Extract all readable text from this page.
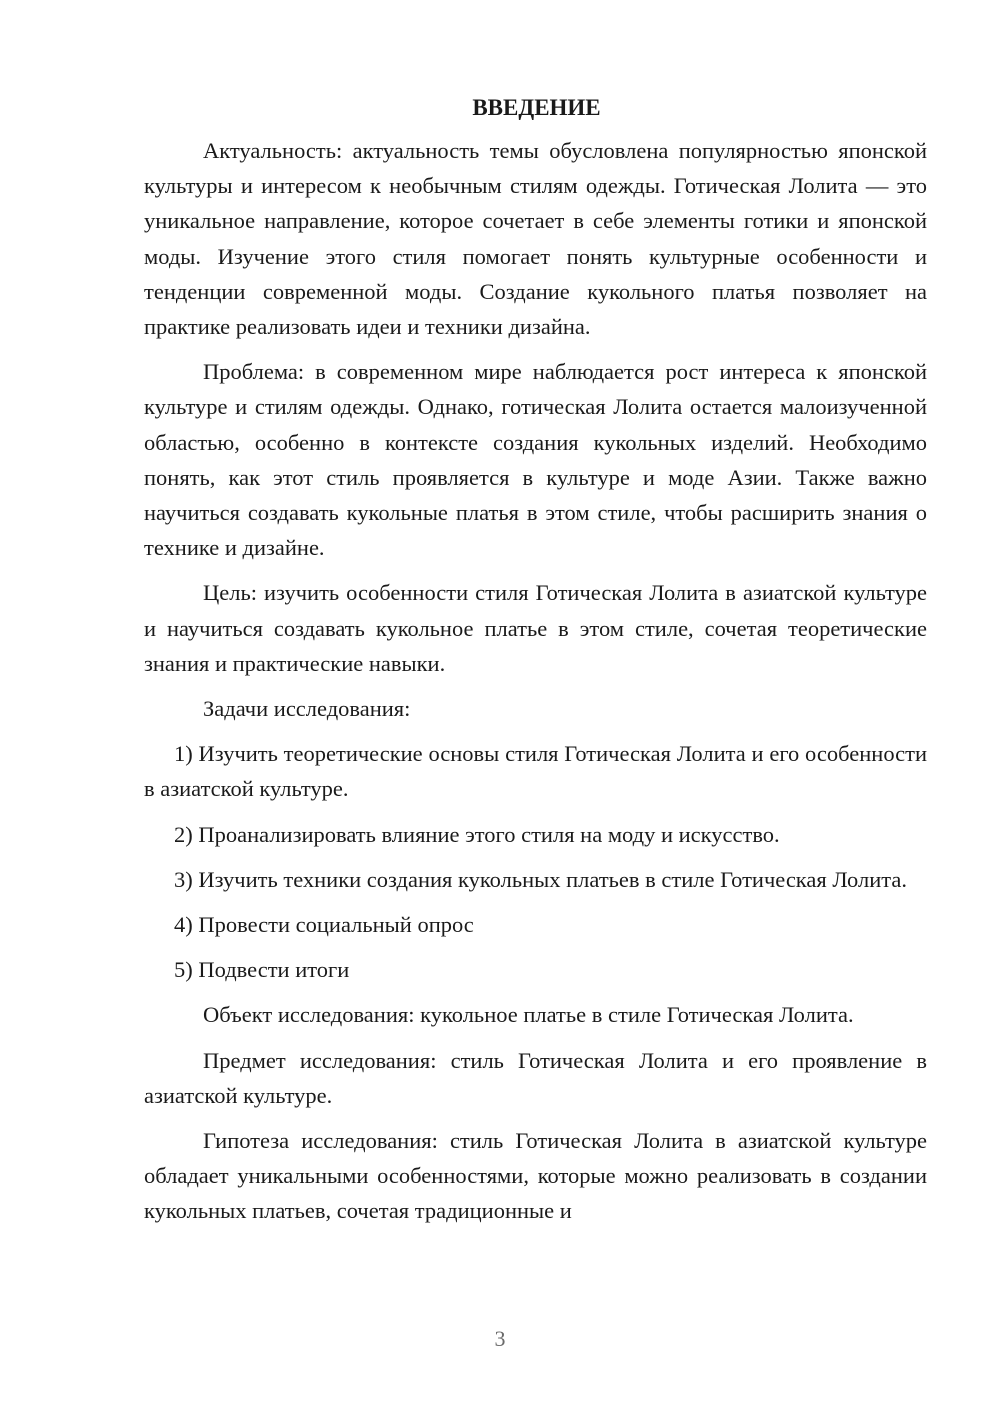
ВВЕДЕНИЕ

Актуальность: актуальность темы обусловлена популярностью японской культуры и интересом к необычным стилям одежды. Готическая Лолита — это уникальное направление, которое сочетает в себе элементы готики и японской моды. Изучение этого стиля помогает понять культурные особенности и тенденции современной моды. Создание кукольного платья позволяет на практике реализовать идеи и техники дизайна.

Проблема: в современном мире наблюдается рост интереса к японской культуре и стилям одежды. Однако, готическая Лолита остается малоизученной областью, особенно в контексте создания кукольных изделий. Необходимо понять, как этот стиль проявляется в культуре и моде Азии. Также важно научиться создавать кукольные платья в этом стиле, чтобы расширить знания о технике и дизайне.

Цель: изучить особенности стиля Готическая Лолита в азиатской культуре и научиться создавать кукольное платье в этом стиле, сочетая теоретические знания и практические навыки.

Задачи исследования:

1) Изучить теоретические основы стиля Готическая Лолита и его особенности в азиатской культуре.

2) Проанализировать влияние этого стиля на моду и искусство.

3) Изучить техники создания кукольных платьев в стиле Готическая Лолита.

4) Провести социальный опрос

5) Подвести итоги

Объект исследования: кукольное платье в стиле Готическая Лолита.

Предмет исследования: стиль Готическая Лолита и его проявление в азиатской культуре.

Гипотеза исследования: стиль Готическая Лолита в азиатской культуре обладает уникальными особенностями, которые можно реализовать в создании кукольных платьев, сочетая традиционные и

3
